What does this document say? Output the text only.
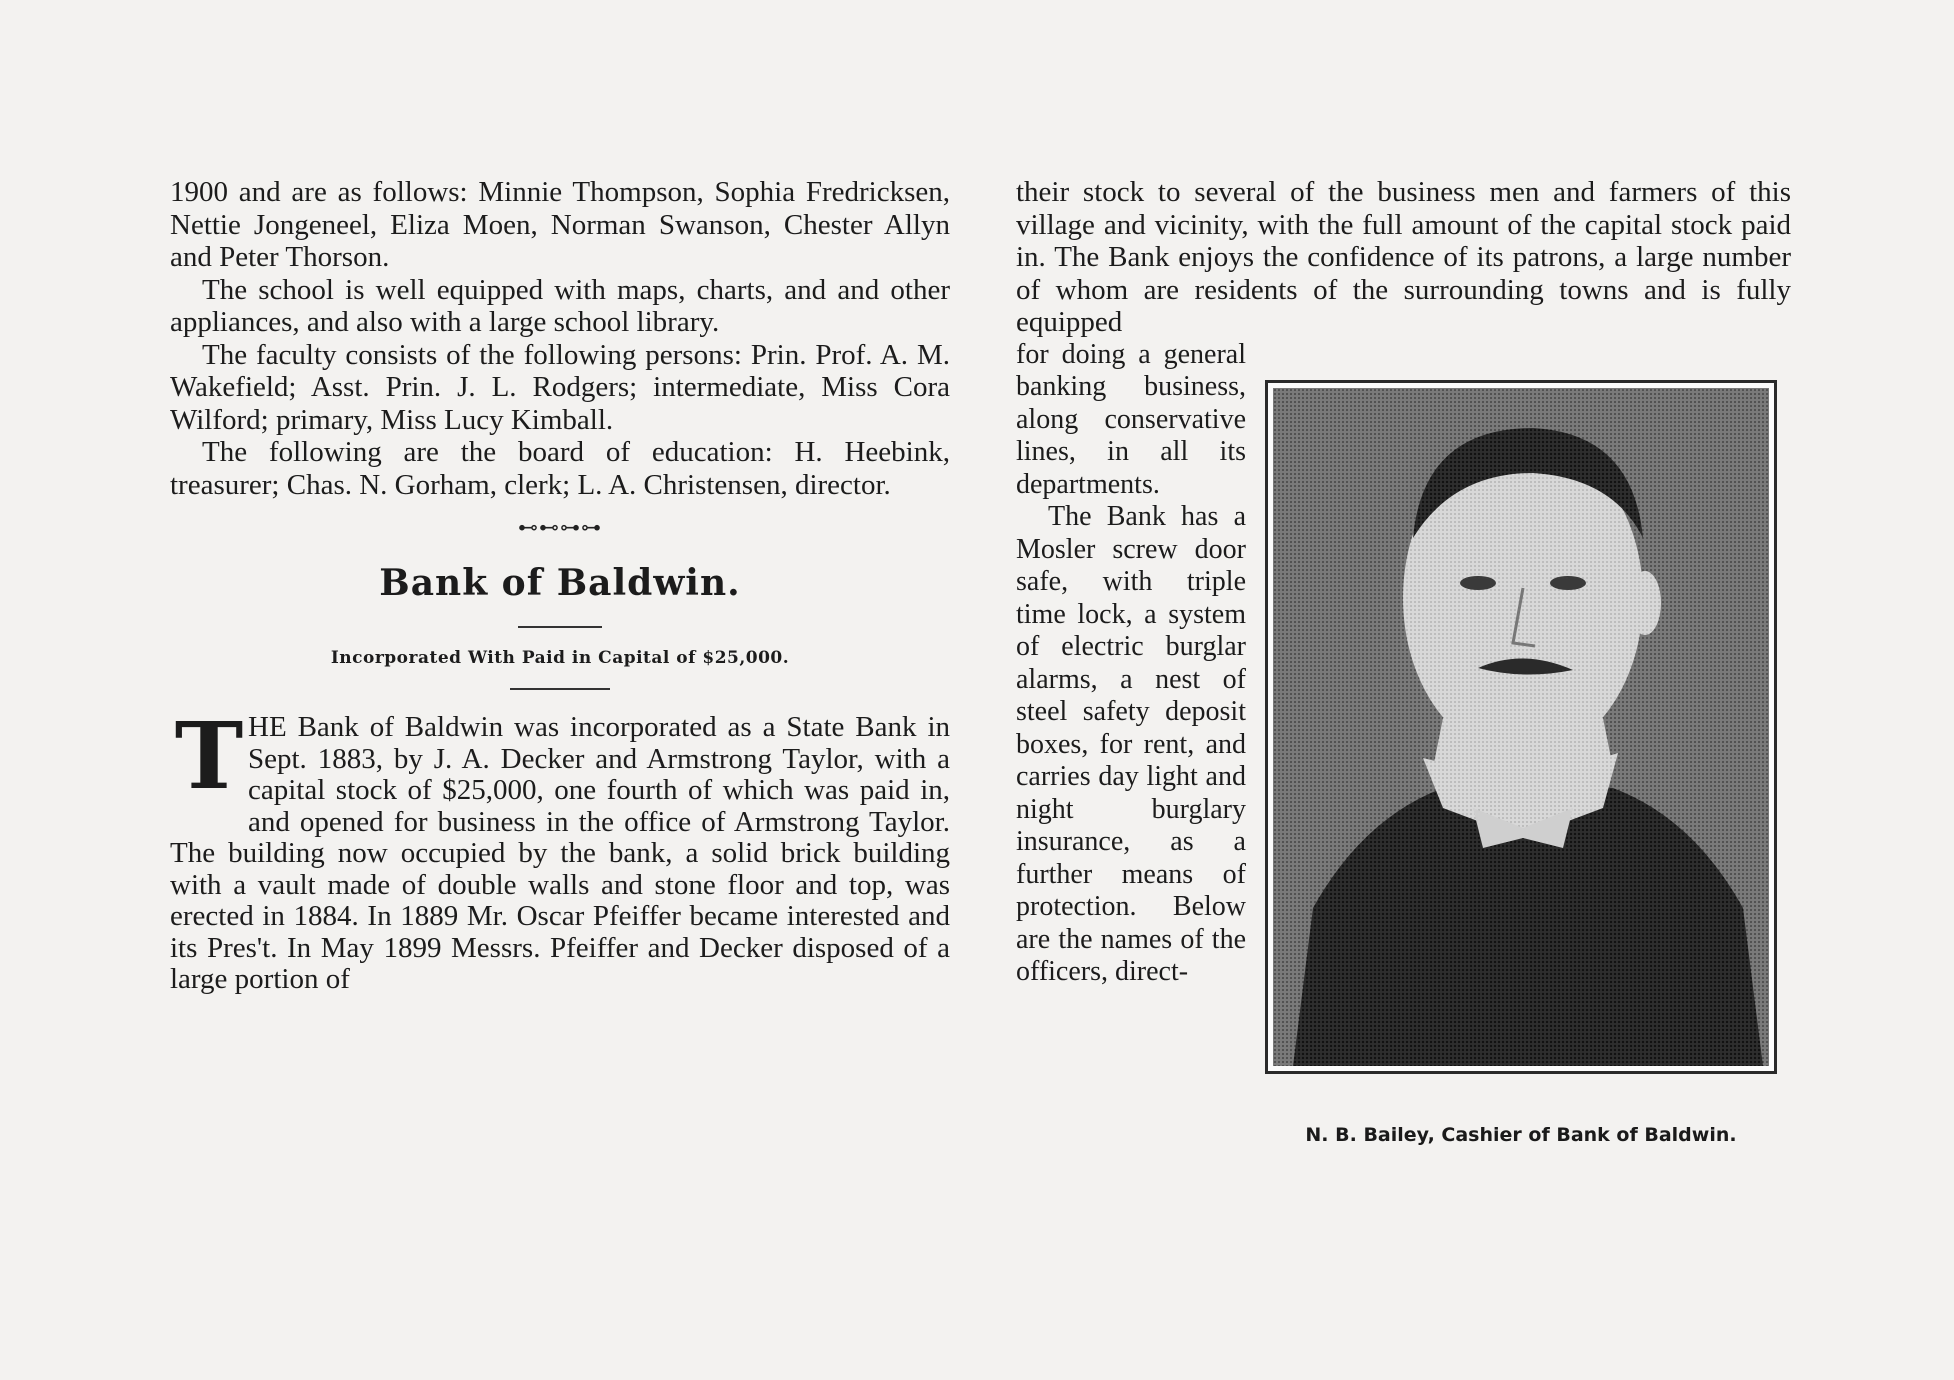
1900 and are as follows: Minnie Thompson, Sophia Fredricksen, Nettie Jongeneel, Eliza Moen, Norman Swanson, Chester Allyn and Peter Thorson.

The school is well equipped with maps, charts, and and other appliances, and also with a large school library.

The faculty consists of the following persons: Prin. Prof. A. M. Wakefield; Asst. Prin. J. L. Rodgers; intermediate, Miss Cora Wilford; primary, Miss Lucy Kimball.

The following are the board of education: H. Heebink, treasurer; Chas. N. Gorham, clerk; L. A. Christensen, director.

⊷⊷⊶⊶
Bank of Baldwin.
Incorporated With Paid in Capital of $25,000.
T HE Bank of Baldwin was incorporated as a State Bank in Sept. 1883, by J. A. Decker and Armstrong Taylor, with a capital stock of $25,000, one fourth of which was paid in, and opened for business in the office of Armstrong Taylor. The building now occupied by the bank, a solid brick building with a vault made of double walls and stone floor and top, was erected in 1884. In 1889 Mr. Oscar Pfeiffer became interested and its Pres't. In May 1899 Messrs. Pfeiffer and Decker disposed of a large portion of

their stock to several of the business men and farmers of this village and vicinity, with the full amount of the capital stock paid in. The Bank enjoys the confidence of its patrons, a large number of whom are residents of the surrounding towns and is fully equipped

for doing a general banking business, along conservative lines, in all its departments.

The Bank has a Mosler screw door safe, with triple time lock, a system of electric burglar alarms, a nest of steel safety deposit boxes, for rent, and carries day light and night burglary insurance, as a further means of protection. Below are the names of the officers, direct-

N. B. Bailey, Cashier of Bank of Baldwin.
